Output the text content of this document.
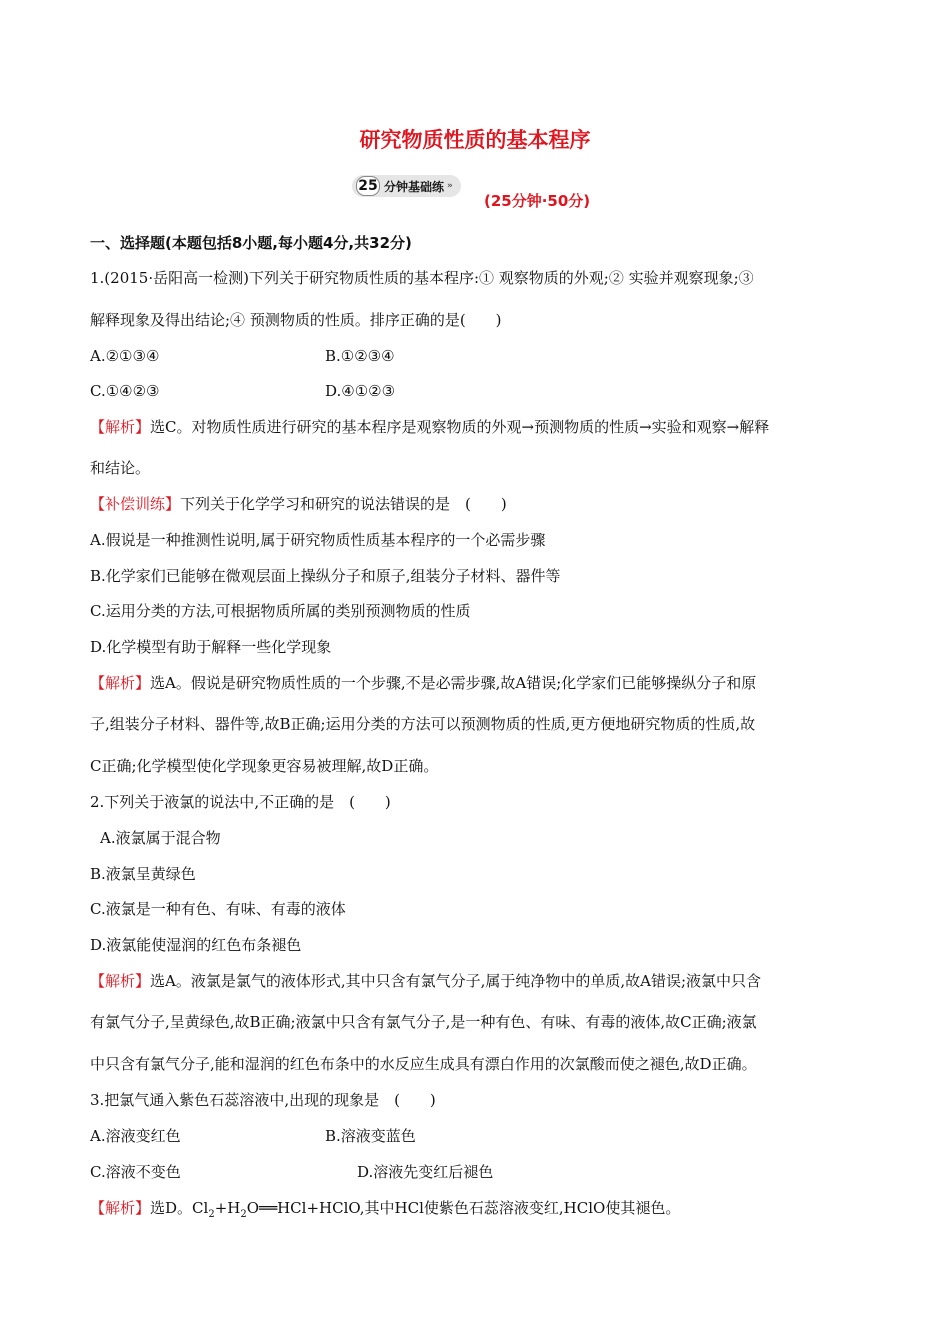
研究物质性质的基本程序
25 分钟基础练 »
(25分钟·50分)
一、选择题(本题包括8小题,每小题4分,共32分)
1.(2015·岳阳高一检测)下列关于研究物质性质的基本程序:① 观察物质的外观;② 实验并观察现象;③
解释现象及得出结论;④ 预测物质的性质。排序正确的是(　　)
A.②①③④	B.①②③④
C.①④②③	D.④①②③
【解析】选C。对物质性质进行研究的基本程序是观察物质的外观→预测物质的性质→实验和观察→解释
和结论。
【补偿训练】下列关于化学学习和研究的说法错误的是　(　　)
A.假说是一种推测性说明,属于研究物质性质基本程序的一个必需步骤
B.化学家们已能够在微观层面上操纵分子和原子,组装分子材料、器件等
C.运用分类的方法,可根据物质所属的类别预测物质的性质
D.化学模型有助于解释一些化学现象
【解析】选A。假说是研究物质性质的一个步骤,不是必需步骤,故A错误;化学家们已能够操纵分子和原
子,组装分子材料、器件等,故B正确;运用分类的方法可以预测物质的性质,更方便地研究物质的性质,故
C正确;化学模型使化学现象更容易被理解,故D正确。
2.下列关于液氯的说法中,不正确的是　(　　)
A.液氯属于混合物
B.液氯呈黄绿色
C.液氯是一种有色、有味、有毒的液体
D.液氯能使湿润的红色布条褪色
【解析】选A。液氯是氯气的液体形式,其中只含有氯气分子,属于纯净物中的单质,故A错误;液氯中只含
有氯气分子,呈黄绿色,故B正确;液氯中只含有氯气分子,是一种有色、有味、有毒的液体,故C正确;液氯
中只含有氯气分子,能和湿润的红色布条中的水反应生成具有漂白作用的次氯酸而使之褪色,故D正确。
3.把氯气通入紫色石蕊溶液中,出现的现象是　(　　)
A.溶液变红色	B.溶液变蓝色
C.溶液不变色	D.溶液先变红后褪色
【解析】选D。$Cl_2+H_2O══HCl+HClO$,其中HCl使紫色石蕊溶液变红,HClO使其褪色。
